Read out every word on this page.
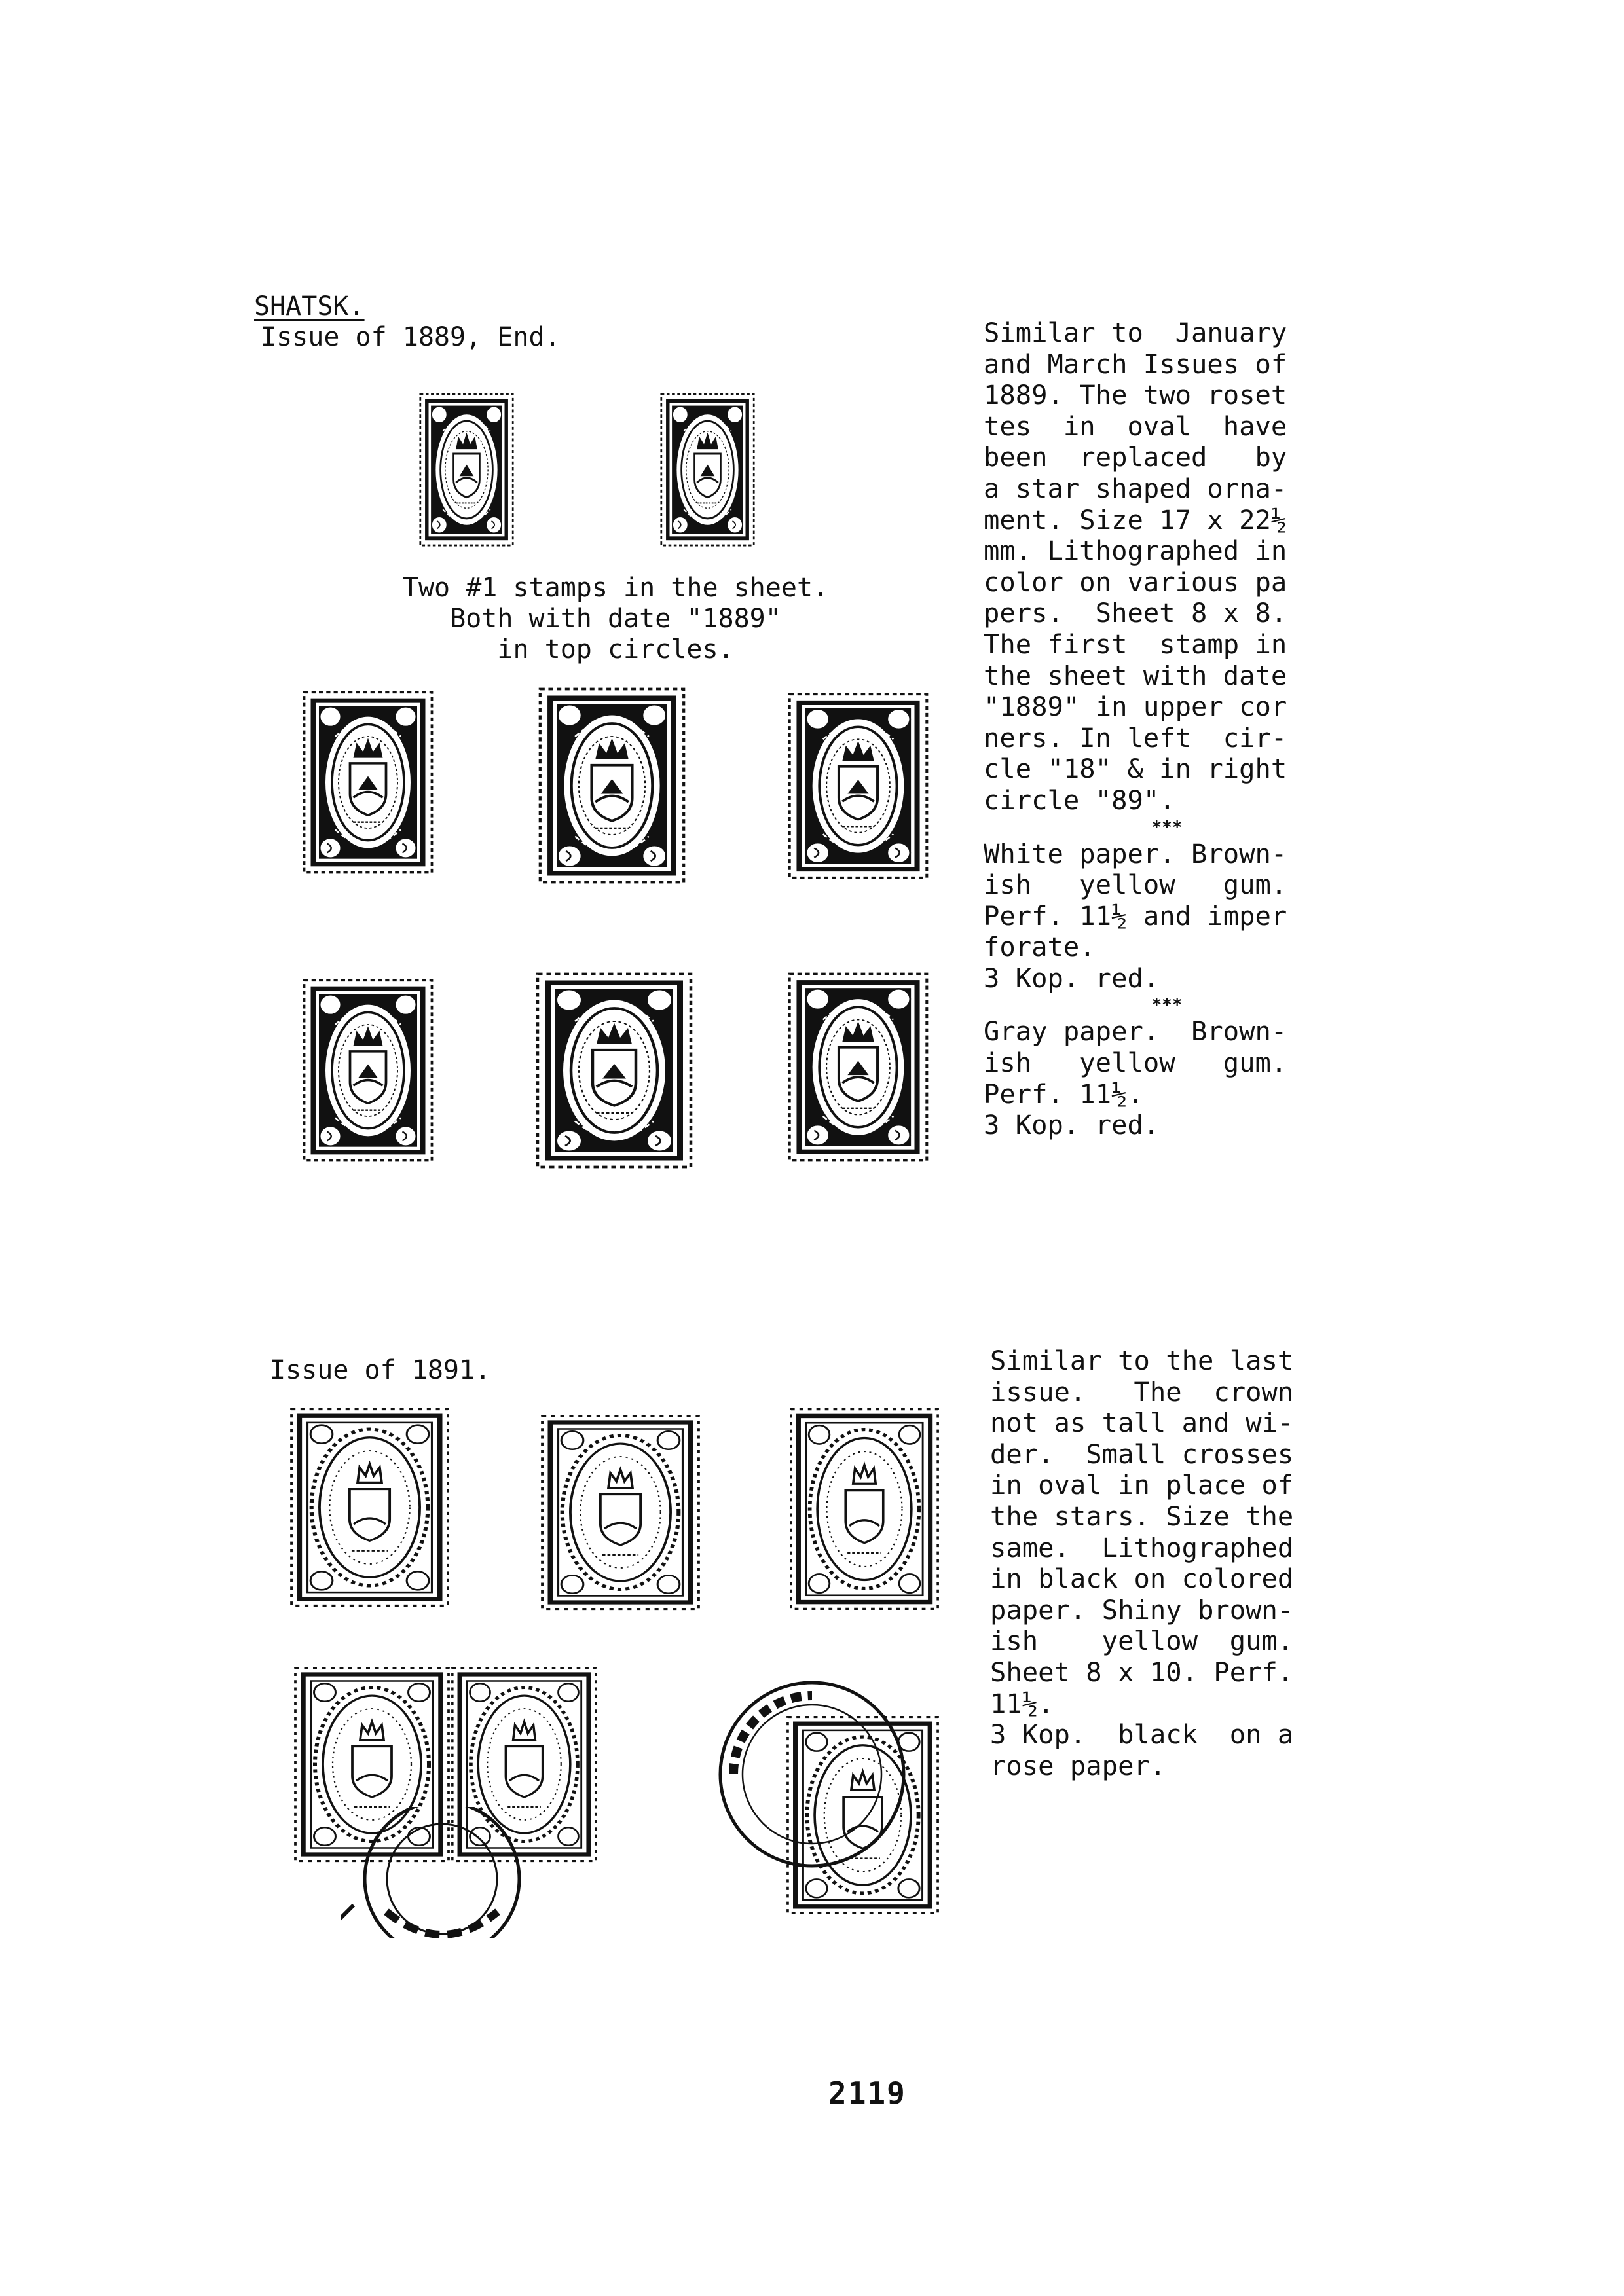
SHATSK.
Issue of 1889, End.
Two #1 stamps in the sheet.
Both with date "1889"
in top circles.
Similar to  January
and March Issues of
1889. The two roset
tes  in  oval  have
been  replaced   by
a star shaped orna-
ment. Size 17 x 22½
mm. Lithographed in
color on various pa
pers.  Sheet 8 x 8.
The first  stamp in
the sheet with date
"1889" in upper cor
ners. In left  cir-
cle "18" & in right
circle "89".
***
White paper. Brown-
ish   yellow   gum.
Perf. 11½ and imper
forate.
3 Kop. red.
***
Gray paper.  Brown-
ish   yellow   gum.
Perf. 11½.
3 Kop. red.
Issue of 1891.	Similar to the last
issue.   The  crown
not as tall and wi-
der.  Small crosses
in oval in place of
the stars. Size the
same.  Lithographed
in black on colored
paper. Shiny brown-
ish    yellow  gum.
Sheet 8 x 10. Perf.
11½.
3 Kop.  black  on a
rose paper.
2119
